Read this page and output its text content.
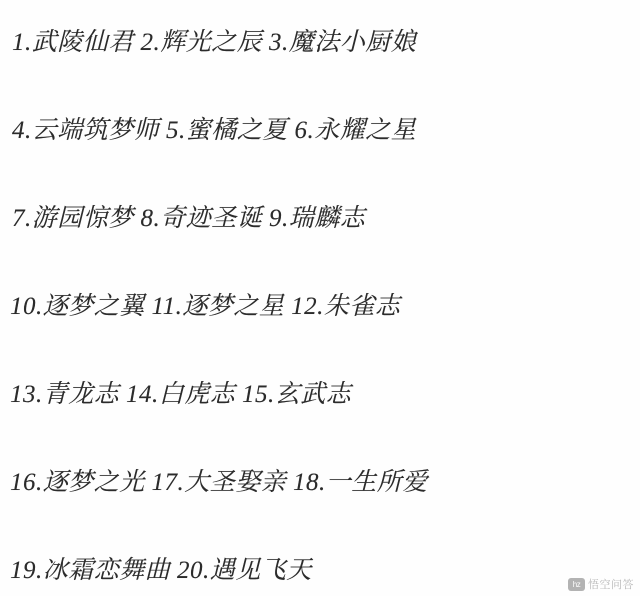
1.武陵仙君 2.辉光之辰 3.魔法小厨娘
4.云端筑梦师 5.蜜橘之夏 6.永耀之星
7.游园惊梦 8.奇迹圣诞 9.瑞麟志
10.逐梦之翼 11.逐梦之星 12.朱雀志
13.青龙志 14.白虎志 15.玄武志
16.逐梦之光 17.大圣娶亲 18.一生所爱
19.冰霜恋舞曲 20.遇见飞天	hz 悟空问答
